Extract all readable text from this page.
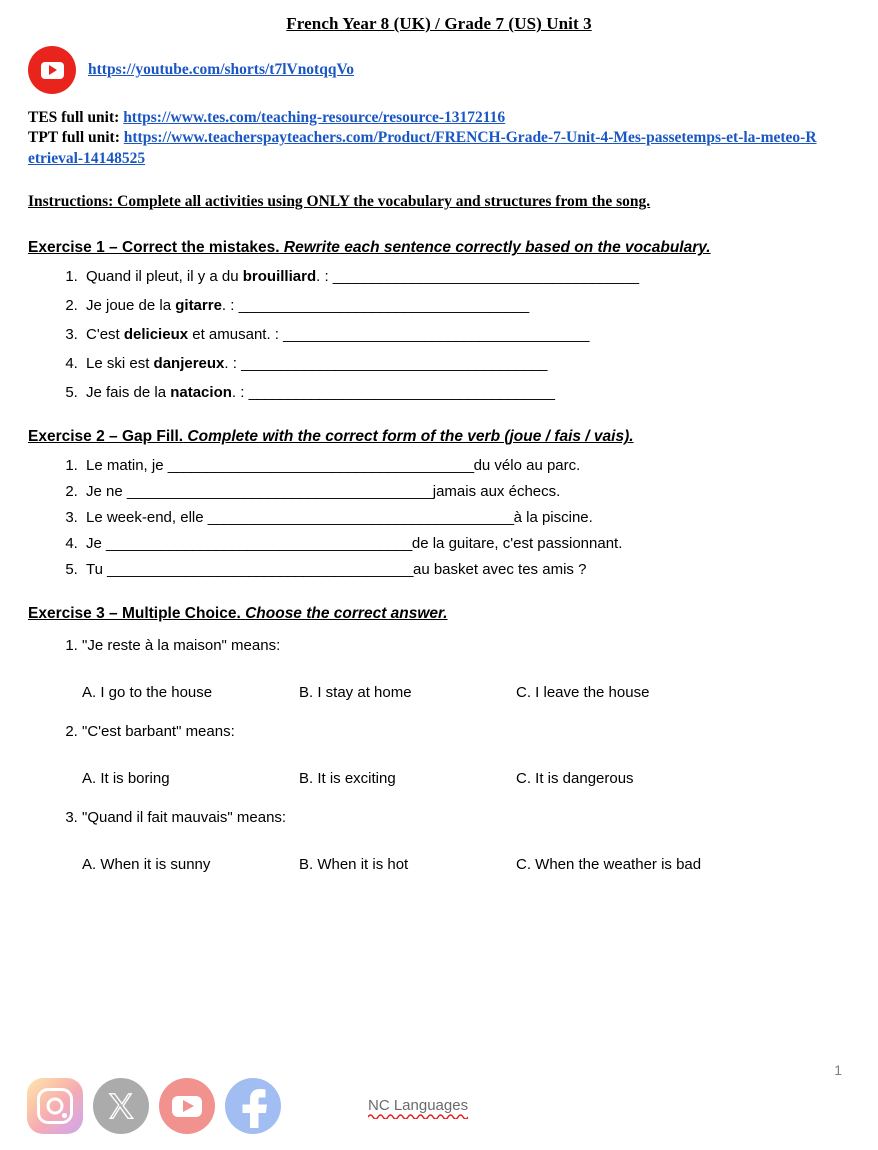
French Year 8 (UK) / Grade 7 (US) Unit 3
https://youtube.com/shorts/t7lVnotqqVo
TES full unit: https://www.tes.com/teaching-resource/resource-13172116
TPT full unit: https://www.teacherspayteachers.com/Product/FRENCH-Grade-7-Unit-4-Mes-passetemps-et-la-meteo-Retrieval-14148525
Instructions: Complete all activities using ONLY the vocabulary and structures from the song.
Exercise 1 – Correct the mistakes. Rewrite each sentence correctly based on the vocabulary.
1. Quand il pleut, il y a du brouilliard. : _______________________________________
2. Je joue de la gitarre. : _____________________________________
3. C'est delicieux et amusant. : _______________________________________
4. Le ski est danjereux. : _______________________________________
5. Je fais de la natacion. : _______________________________________
Exercise 2 – Gap Fill. Complete with the correct form of the verb (joue / fais / vais).
1. Le matin, je _______________________________________du vélo au parc.
2. Je ne _______________________________________jamais aux échecs.
3. Le week-end, elle _______________________________________à la piscine.
4. Je _______________________________________de la guitare, c'est passionnant.
5. Tu _______________________________________au basket avec tes amis ?
Exercise 3 – Multiple Choice. Choose the correct answer.
1. "Je reste à la maison" means:
A. I go to the house	B. I stay at home	C. I leave the house
2. "C'est barbant" means:
A. It is boring	B. It is exciting	C. It is dangerous
3. "Quand il fait mauvais" means:
A. When it is sunny	B. When it is hot	C. When the weather is bad
1
NC Languages
